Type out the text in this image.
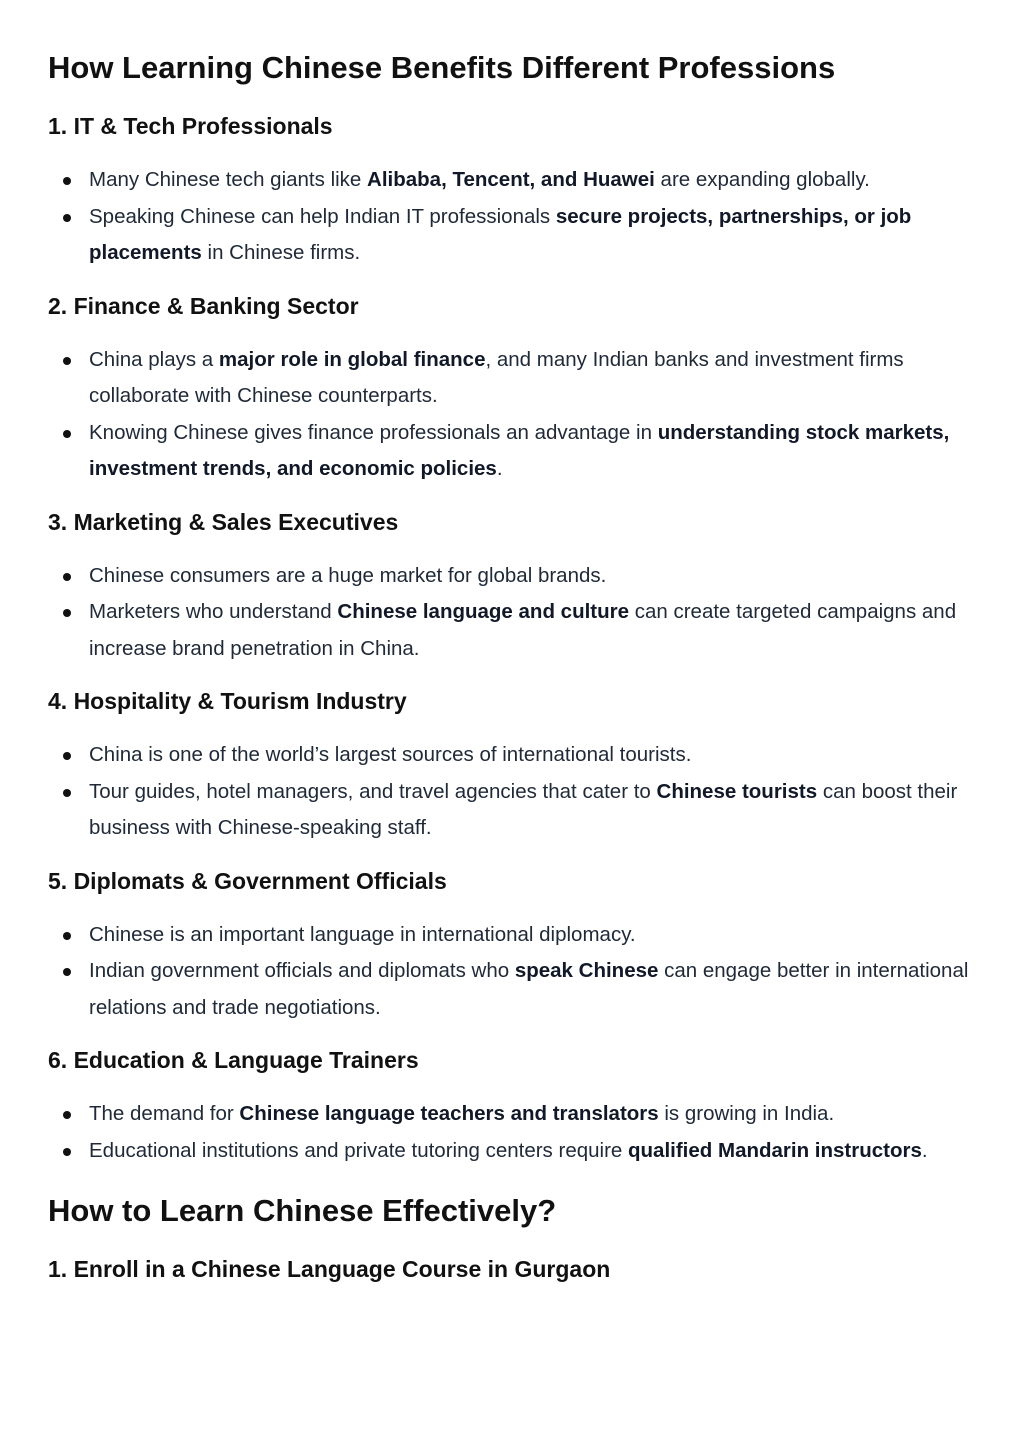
How Learning Chinese Benefits Different Professions
1. IT & Tech Professionals
Many Chinese tech giants like Alibaba, Tencent, and Huawei are expanding globally.
Speaking Chinese can help Indian IT professionals secure projects, partnerships, or job placements in Chinese firms.
2. Finance & Banking Sector
China plays a major role in global finance, and many Indian banks and investment firms collaborate with Chinese counterparts.
Knowing Chinese gives finance professionals an advantage in understanding stock markets, investment trends, and economic policies.
3. Marketing & Sales Executives
Chinese consumers are a huge market for global brands.
Marketers who understand Chinese language and culture can create targeted campaigns and increase brand penetration in China.
4. Hospitality & Tourism Industry
China is one of the world’s largest sources of international tourists.
Tour guides, hotel managers, and travel agencies that cater to Chinese tourists can boost their business with Chinese-speaking staff.
5. Diplomats & Government Officials
Chinese is an important language in international diplomacy.
Indian government officials and diplomats who speak Chinese can engage better in international relations and trade negotiations.
6. Education & Language Trainers
The demand for Chinese language teachers and translators is growing in India.
Educational institutions and private tutoring centers require qualified Mandarin instructors.
How to Learn Chinese Effectively?
1. Enroll in a Chinese Language Course in Gurgaon
